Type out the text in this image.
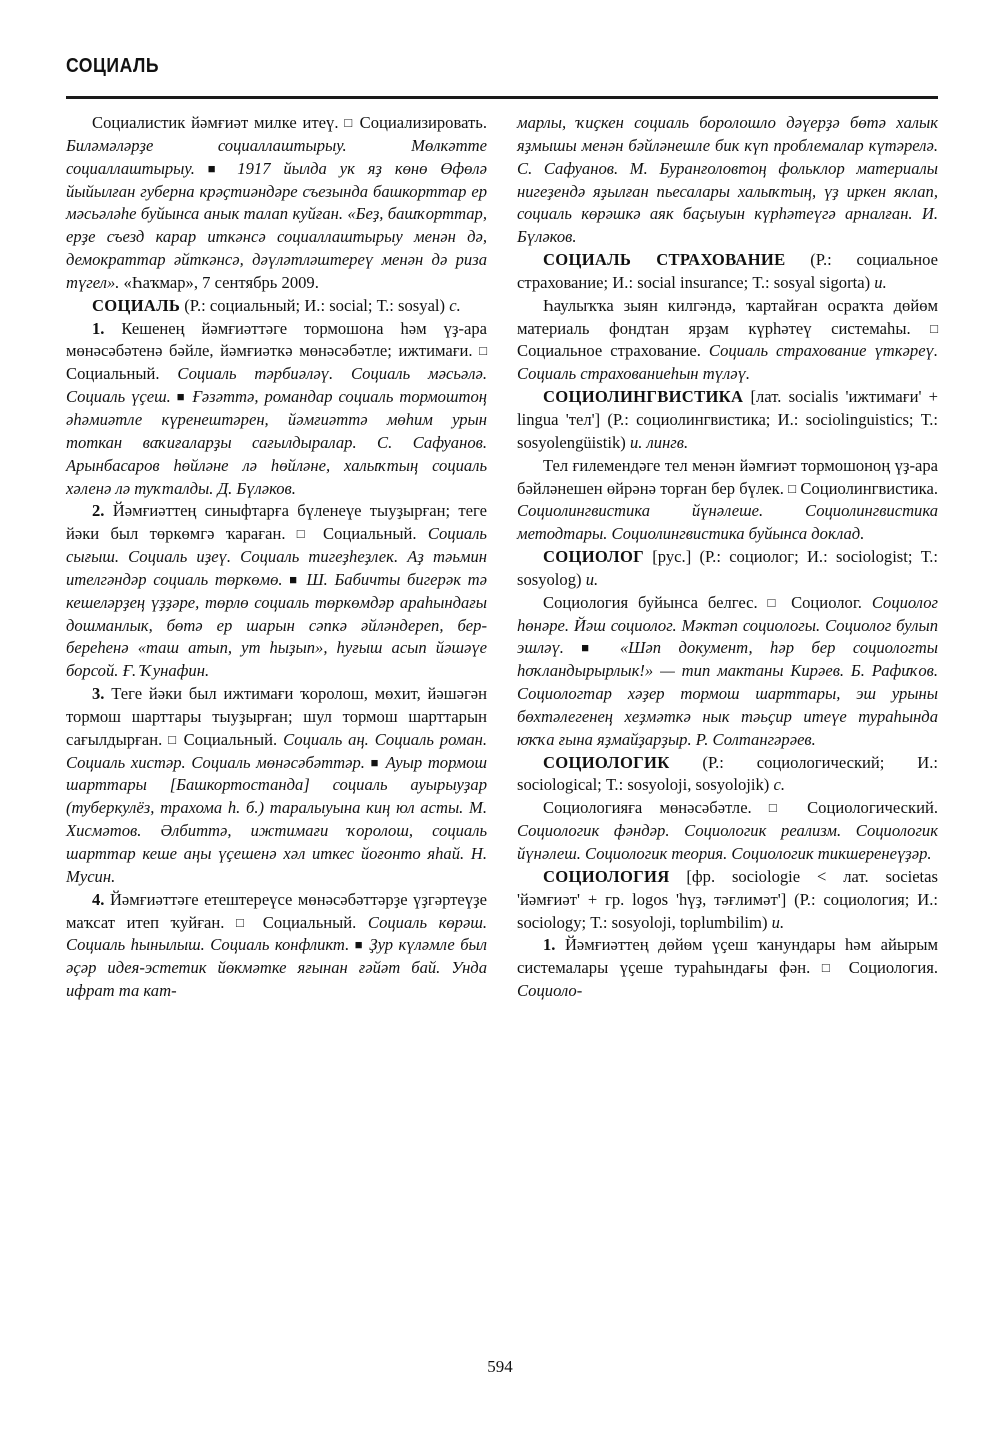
СОЦИАЛЬ

Социалистик йәмғиәт милке итеү. □ Социализировать. Биләмәләрҙе социаллаштырыу. Мөлкәтте социаллаштырыу. ■	1917 йылда ук яҙ көнө Өфөлә йыйылған губерна крәҫтиәндәре съезында башкорттар ер мәсьәләһе буйынса анык талап куйған. «Беҙ, башҡорттар, ерҙе съезд карар иткәнсә социаллаштырыу менән дә, демократтар әйткәнсә, дәүләтләштереү менән дә риза түгел». «Һаҡмар», 7 сентябрь 2009.

СОЦИАЛЬ (Р.: социальный; И.: social; Т.: sosyal) с.

1. Кешенең йәмғиәттәге тормошона һәм үҙ-ара мөнәсәбәтенә бәйле, йәмғиәткә мөнәсәбәтле; ижтимағи. □ Социальный. Социаль тәрбиәләү. Социаль мәсьәлә. Социаль үҫеш. ■ Ғәзәттә, романдар социаль тормоштоң әһәмиәтле күренештәрен, йәмғиәттә мөһим урын тоткан ваҡиғаларҙы сағылдыралар. С. Сафуанов. Арынбасаров һөйләне лә һөйләне, халыҡтың социаль хәленә лә туҡталды. Д. Бүләков.

2. Йәмғиәттең синыфтарға бүленеүе тыуҙырған; теге йәки был төркөмгә ҡараған. □ Социальный. Социаль сығыш. Социаль иҙеү. Социаль тигеҙһеҙлек. Аҙ тәьмин ителгәндәр социаль төркөмө. ■ Ш. Бабичты бигерәк тә кешеләрҙең үҙҙәре, төрлө социаль төркөмдәр араһындағы дошманлык, бөтә ер шарын сәпкә әйләндереп, бер-береһенә «таш атып, ут һыҙып», һуғыш асып йәшәүе борсой. Ғ. Ҡунафин.

3. Теге йәки был ижтимағи ҡоролош, мөхит, йәшәгән тормош шарттары тыуҙырған; шул тормош шарттарын сағылдырған. □ Социальный. Социаль аң. Социаль роман. Социаль хистәр. Социаль мөнәсәбәттәр. ■ Ауыр тормош шарттары [Башкортостанда] социаль ауырыуҙар (туберкулёз, трахома һ. б.) таралыуына киң юл асты. М. Хисмәтов. Әлбиттә, ижтимағи ҡоролош, социаль шарттар кеше аңы үҫешенә хәл иткес йоғонто яһай. Н. Мусин.

4. Йәмғиәттәге етештереүсе мөнәсәбәттәрҙе үҙгәртеүҙе маҡсат итеп ҡуйған. □ Социальный. Социаль көрәш. Социаль һынылыш. Социаль конфликт. ■ Ҙур күләмле был әҫәр идея-эстетик йөкмәтке яғынан ғәйәт бай. Унда ифрат та кат-

марлы, ҡиҫкен социаль боролошло дәүерҙә бөтә халык яҙмышы менән бәйләнешле бик күп проблемалар күтәрелә. С. Сафуанов. М. Буранғоловтоң фольклор материалы нигеҙендә яҙылған пьесалары халыҡтың, үҙ иркен яклап, социаль көрәшкә аяк баҫыуын күрһәтеүгә арналған. И. Бүләков.

СОЦИАЛЬ СТРАХОВАНИЕ (Р.: социальное страхование; И.: social insurance; Т.: sosyal sigorta) и.

Һаулыҡҡа зыян килгәндә, ҡартайған осраҡта дөйөм материаль фондтан ярҙам күрһәтеү системаһы. □ Социальное страхование. Социаль страхование үткәреү. Социаль страхованиеһын түләү.

СОЦИОЛИНГВИСТИКА [лат. socialis 'ижтимағи' + lingua 'тел'] (Р.: социолингвистика; И.: sociolinguistics; Т.: sosyolengüistik) и. лингв.

Тел ғилемендәге тел менән йәмғиәт тормошоноң үҙ-ара бәйләнешен өйрәнә торған бер бүлек. □ Социолингвистика. Социолингвистика йүнәлеше. Социолингвистика методтары. Социолингвистика буйынса доклад.

СОЦИОЛОГ [рус.] (Р.: социолог; И.: sociologist; Т.: sosyolog) и.

Социология буйынса белгес. □ Социолог. Социолог һөнәре. Йәш социолог. Мәктәп социологы. Социолог булып эшләү. ■ «Шәп документ, һәр бер социологты һоҡландырырлык!» — тип мактаны Кирәев. Б. Рафиҡов. Социологтар хәҙер тормош шарттары, эш урыны бөхтәлегенең хеҙмәткә нык тәьҫир итеүе тураһында юҡҡа ғына яҙмайҙарҙыр. Р. Солтангәрәев.

СОЦИОЛОГИК (Р.: социологический; И.: sociological; Т.: sosyoloji, sosyolojik) с.

Социологияға мөнәсәбәтле. □ Социологический. Социологик фәндәр. Социологик реализм. Социологик йүнәлеш. Социологик теория. Социологик тикшеренеүҙәр.

СОЦИОЛОГИЯ [фр. sociologie < лат. societas 'йәмғиәт' + гр. logos 'һүҙ, тәғлимәт'] (Р.: социология; И.: sociology; Т.: sosyoloji, toplumbilim) и.

1. Йәмғиәттең дөйөм үҫеш ҡанундары һәм айырым системалары үҫеше тураһындағы фән. □ Социология. Социоло-

594
